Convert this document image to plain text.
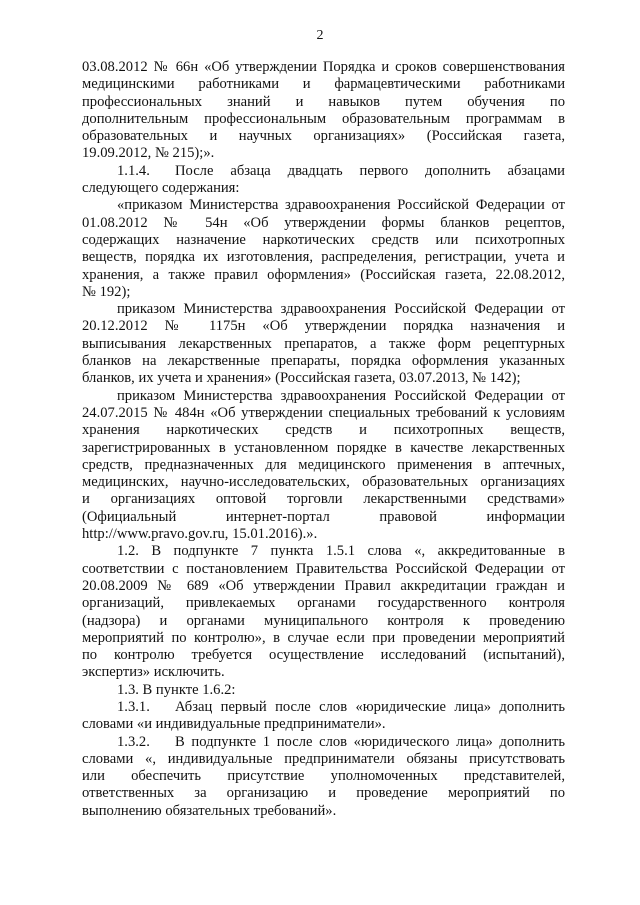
2
03.08.2012 № 66н «Об утверждении Порядка и сроков совершенствования
медицинскими работниками и фармацевтическими работниками
профессиональных знаний и навыков путем обучения по
дополнительным профессиональным образовательным программам в
образовательных и научных организациях» (Российская газета,
19.09.2012, № 215);».
1.1.4. После абзаца двадцать первого дополнить абзацами
следующего содержания:
«приказом Министерства здравоохранения Российской Федерации от
01.08.2012 № 54н «Об утверждении формы бланков рецептов,
содержащих назначение наркотических средств или психотропных
веществ, порядка их изготовления, распределения, регистрации, учета и
хранения, а также правил оформления» (Российская газета, 22.08.2012,
№ 192);
приказом Министерства здравоохранения Российской Федерации от
20.12.2012 № 1175н «Об утверждении порядка назначения и
выписывания лекарственных препаратов, а также форм рецептурных
бланков на лекарственные препараты, порядка оформления указанных
бланков, их учета и хранения» (Российская газета, 03.07.2013, № 142);
приказом Министерства здравоохранения Российской Федерации от
24.07.2015 № 484н «Об утверждении специальных требований к условиям
хранения наркотических средств и психотропных веществ,
зарегистрированных в установленном порядке в качестве лекарственных
средств, предназначенных для медицинского применения в аптечных,
медицинских, научно-исследовательских, образовательных организациях
и организациях оптовой торговли лекарственными средствами»
(Официальный интернет-портал правовой информации
http://www.pravo.gov.ru, 15.01.2016).».
1.2. В подпункте 7 пункта 1.5.1 слова «, аккредитованные в
соответствии с постановлением Правительства Российской Федерации от
20.08.2009 № 689 «Об утверждении Правил аккредитации граждан и
организаций, привлекаемых органами государственного контроля
(надзора) и органами муниципального контроля к проведению
мероприятий по контролю», в случае если при проведении мероприятий
по контролю требуется осуществление исследований (испытаний),
экспертиз» исключить.
1.3. В пункте 1.6.2:
1.3.1. Абзац первый после слов «юридические лица» дополнить
словами «и индивидуальные предприниматели».
1.3.2. В подпункте 1 после слов «юридического лица» дополнить
словами «, индивидуальные предприниматели обязаны присутствовать
или обеспечить присутствие уполномоченных представителей,
ответственных за организацию и проведение мероприятий по
выполнению обязательных требований».
